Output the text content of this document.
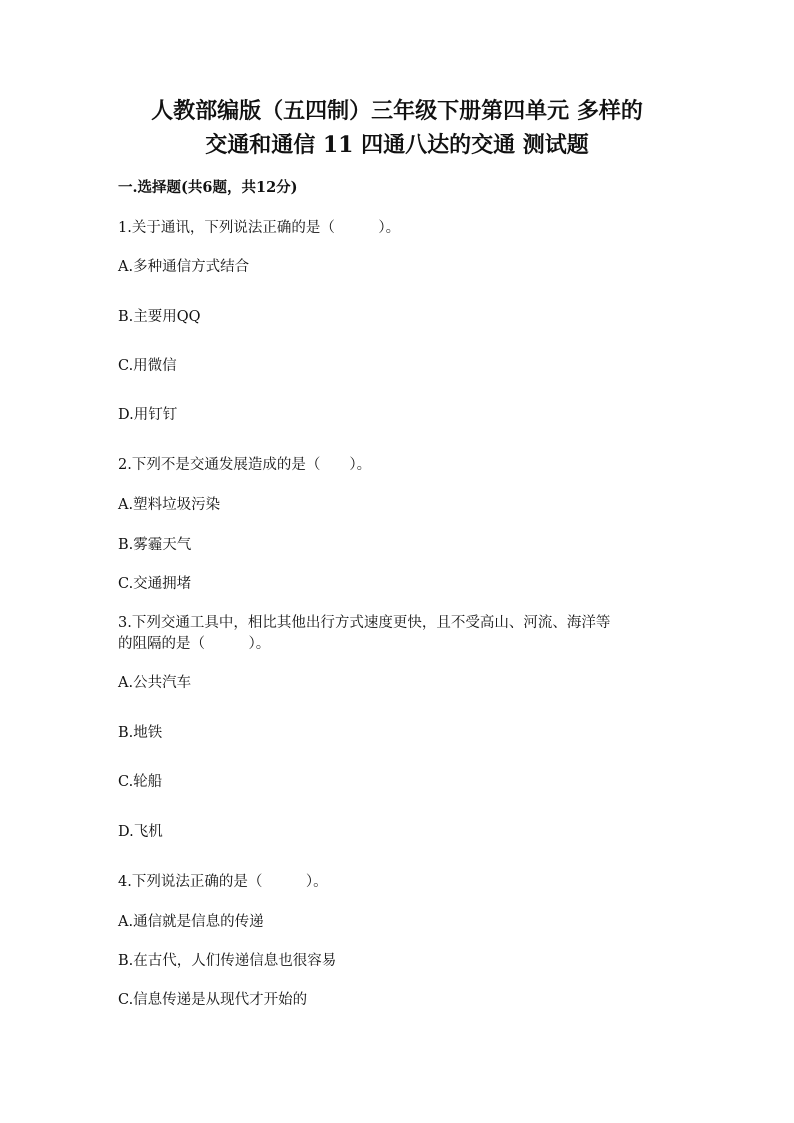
人教部编版（五四制）三年级下册第四单元 多样的
交通和通信 11 四通八达的交通 测试题
一.选择题(共6题，共12分)
1.关于通讯，下列说法正确的是（　　　）。
A.多种通信方式结合
B.主要用QQ
C.用微信
D.用钉钉
2.下列不是交通发展造成的是（　　）。
A.塑料垃圾污染
B.雾霾天气
C.交通拥堵
3.下列交通工具中，相比其他出行方式速度更快，且不受高山、河流、海洋等
的阻隔的是（　　　）。
A.公共汽车
B.地铁
C.轮船
D.飞机
4.下列说法正确的是（　　　）。
A.通信就是信息的传递
B.在古代，人们传递信息也很容易
C.信息传递是从现代才开始的
